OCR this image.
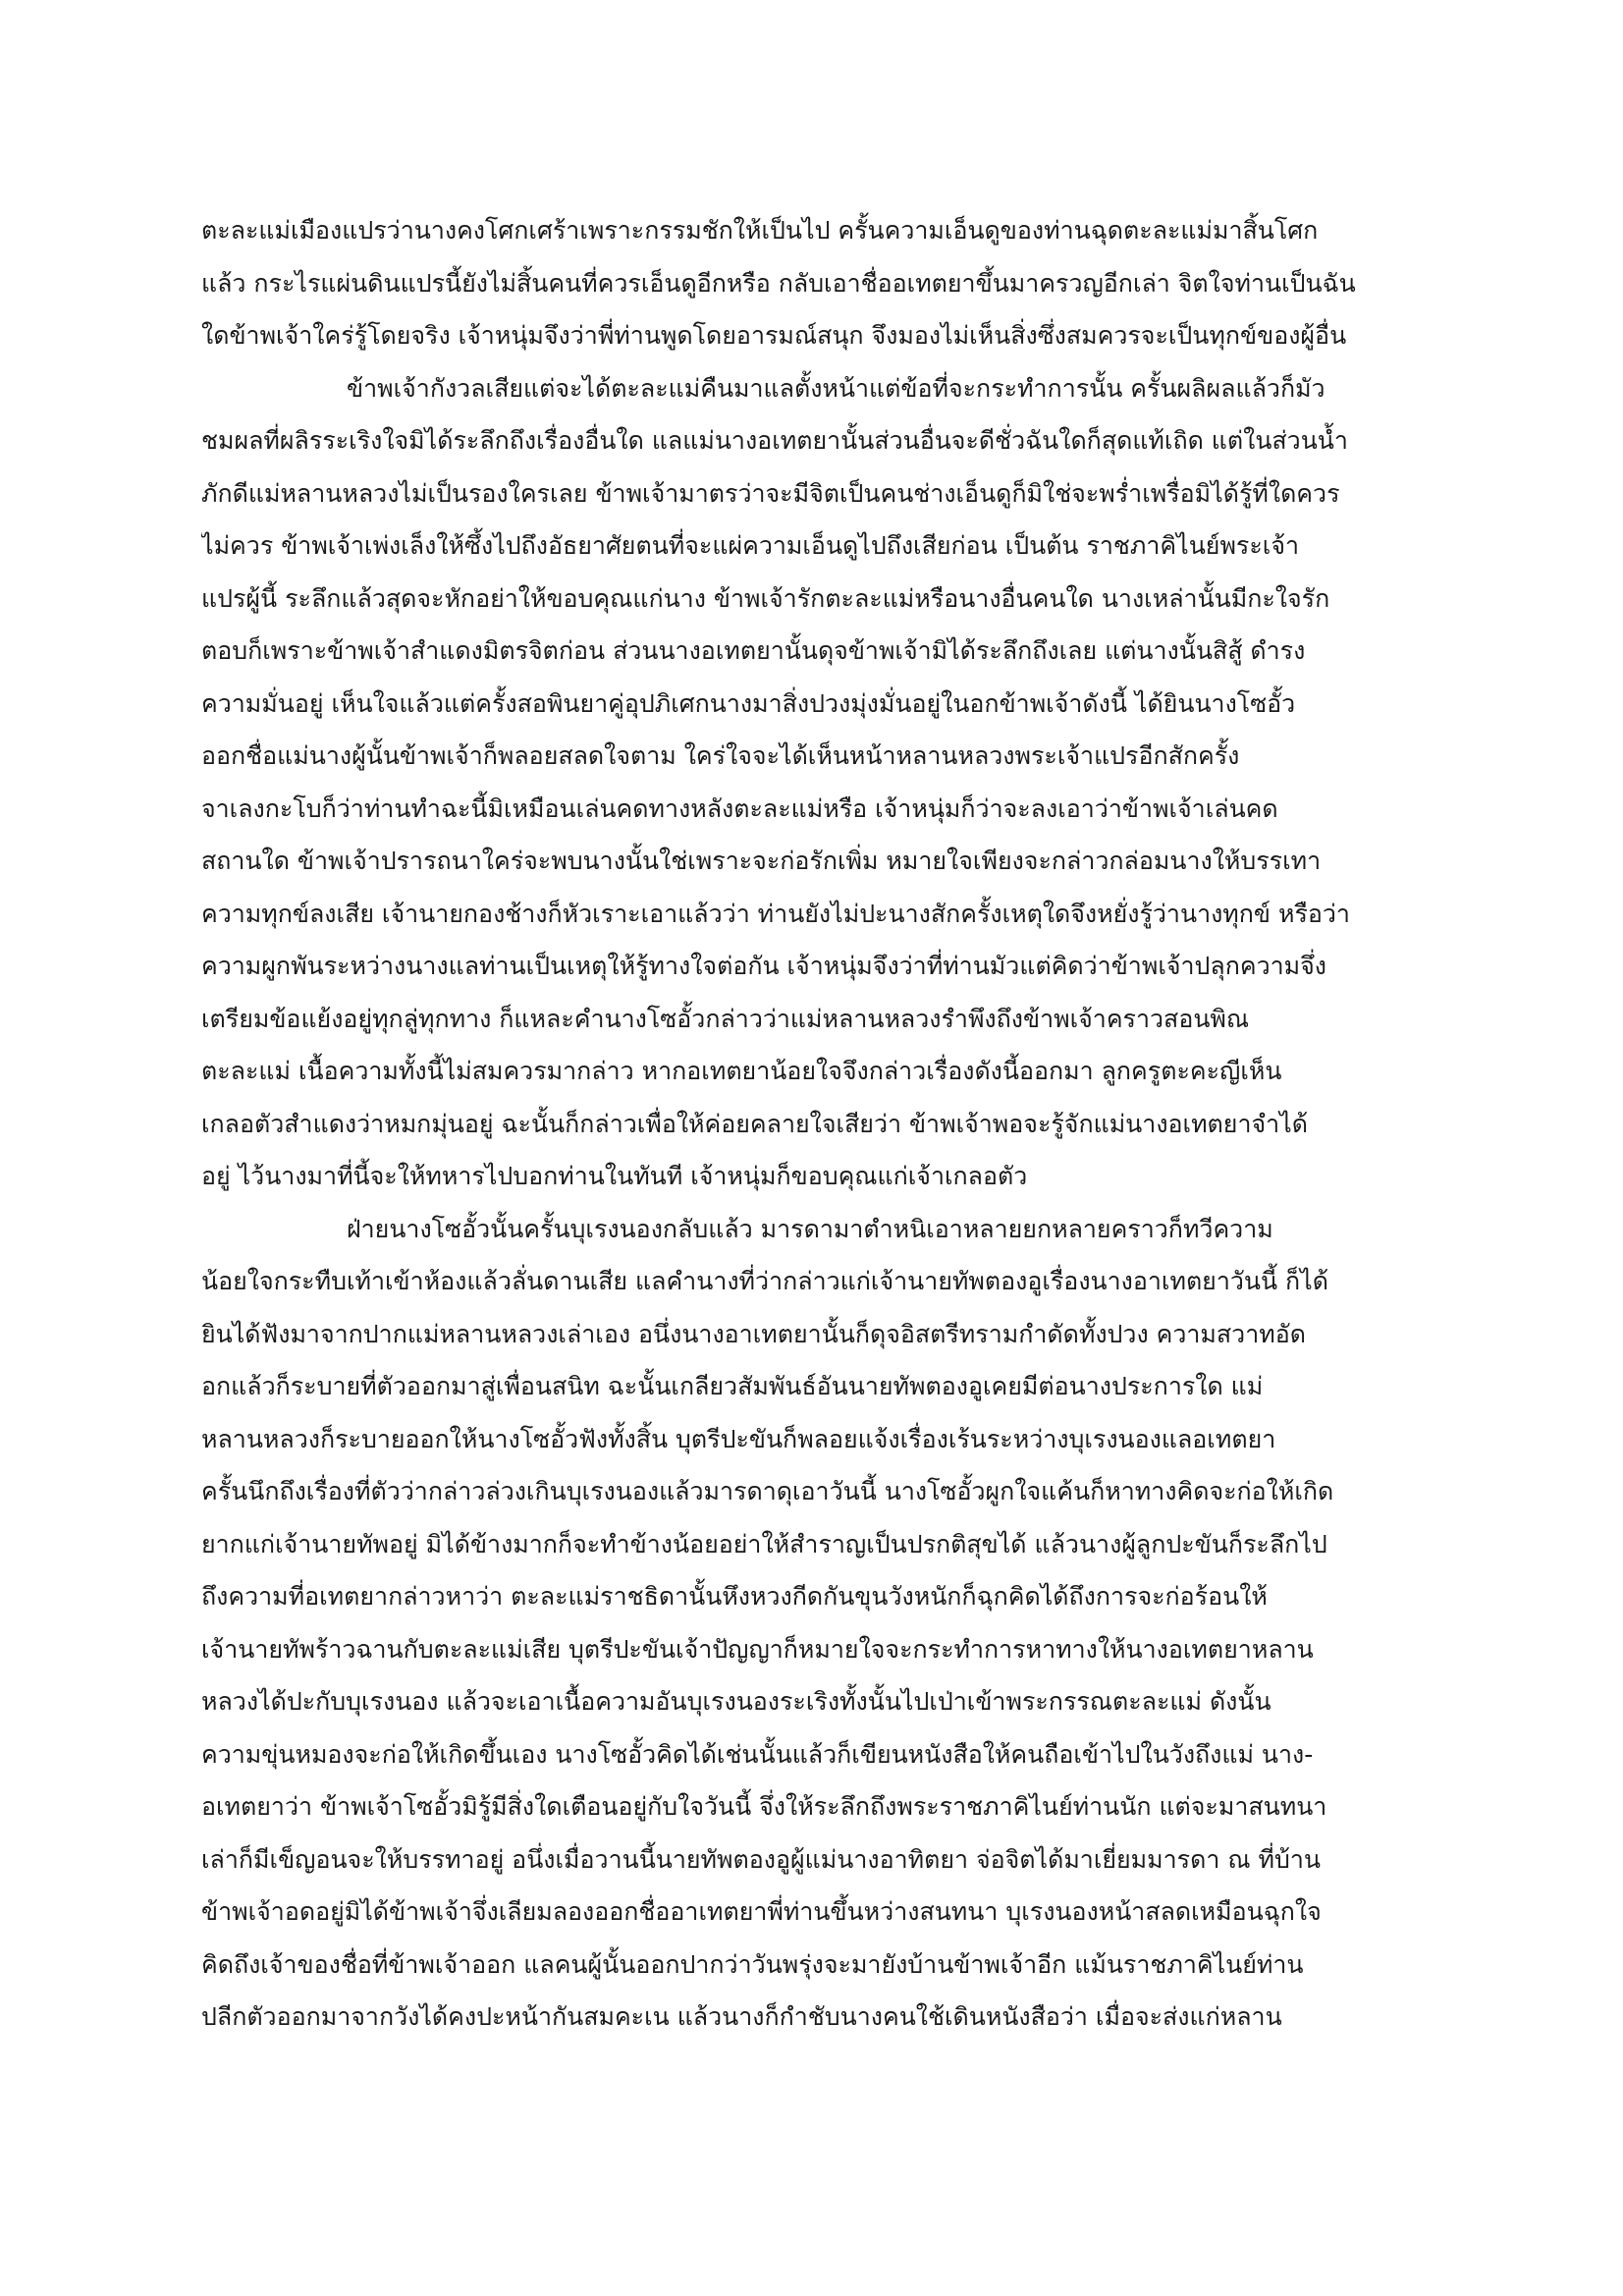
ตะละแม่เมืองแปรว่านางคงโศกเศร้าเพราะกรรมชักให้เป็นไป ครั้นความเอ็นดูของท่านฉุดตะละแม่มาสิ้นโศก
แล้ว กระไรแผ่นดินแปรนี้ยังไม่สิ้นคนที่ควรเอ็นดูอีกหรือ กลับเอาชื่ออเทตยาขึ้นมาครวญอีกเล่า จิตใจท่านเป็นฉัน
ใดข้าพเจ้าใคร่รู้โดยจริง เจ้าหนุ่มจึงว่าพี่ท่านพูดโดยอารมณ์สนุก จึงมองไม่เห็นสิ่งซึ่งสมควรจะเป็นทุกข์ของผู้อื่น
ข้าพเจ้ากังวลเสียแต่จะได้ตะละแม่คืนมาแลตั้งหน้าแต่ข้อที่จะกระทำการนั้น ครั้นผลิผลแล้วก็มัว
ชมผลที่ผลิรระเริงใจมิได้ระลึกถึงเรื่องอื่นใด แลแม่นางอเทตยานั้นส่วนอื่นจะดีชั่วฉันใดก็สุดแท้เถิด แต่ในส่วนน้ำ
ภักดีแม่หลานหลวงไม่เป็นรองใครเลย ข้าพเจ้ามาตรว่าจะมีจิตเป็นคนช่างเอ็นดูก็มิใช่จะพร่ำเพรื่อมิได้รู้ที่ใดควร
ไม่ควร ข้าพเจ้าเพ่งเล็งให้ซึ้งไปถึงอัธยาศัยตนที่จะแผ่ความเอ็นดูไปถึงเสียก่อน เป็นต้น ราชภาคิไนย์พระเจ้า
แปรผู้นี้ ระลึกแล้วสุดจะหักอย่าให้ขอบคุณแก่นาง ข้าพเจ้ารักตะละแม่หรือนางอื่นคนใด นางเหล่านั้นมีกะใจรัก
ตอบก็เพราะข้าพเจ้าสำแดงมิตรจิตก่อน ส่วนนางอเทตยานั้นดุจข้าพเจ้ามิได้ระลึกถึงเลย แต่นางนั้นสิสู้ ดำรง
ความมั่นอยู่ เห็นใจแล้วแต่ครั้งสอพินยาคู่อุปภิเศกนางมาสิ่งปวงมุ่งมั่นอยู่ในอกข้าพเจ้าดังนี้ ได้ยินนางโซอั้ว
ออกชื่อแม่นางผู้นั้นข้าพเจ้าก็พลอยสลดใจตาม ใคร่ใจจะได้เห็นหน้าหลานหลวงพระเจ้าแปรอีกสักครั้ง
จาเลงกะโบก็ว่าท่านทำฉะนี้มิเหมือนเล่นคดทางหลังตะละแม่หรือ เจ้าหนุ่มก็ว่าจะลงเอาว่าข้าพเจ้าเล่นคด
สถานใด ข้าพเจ้าปรารถนาใคร่จะพบนางนั้นใช่เพราะจะก่อรักเพิ่ม หมายใจเพียงจะกล่าวกล่อมนางให้บรรเทา
ความทุกข์ลงเสีย เจ้านายกองช้างก็หัวเราะเอาแล้วว่า ท่านยังไม่ปะนางสักครั้งเหตุใดจึงหยั่งรู้ว่านางทุกข์ หรือว่า
ความผูกพันระหว่างนางแลท่านเป็นเหตุให้รู้ทางใจต่อกัน เจ้าหนุ่มจึงว่าที่ท่านมัวแต่คิดว่าข้าพเจ้าปลุกความจึ่ง
เตรียมข้อแย้งอยู่ทุกลู่ทุกทาง ก็แหละคำนางโซอั้วกล่าวว่าแม่หลานหลวงรำพึงถึงข้าพเจ้าคราวสอนพิณ
ตะละแม่ เนื้อความทั้งนี้ไม่สมควรมากล่าว หากอเทตยาน้อยใจจึงกล่าวเรื่องดังนี้ออกมา ลูกครูตะคะญีเห็น
เกลอตัวสำแดงว่าหมกมุ่นอยู่ ฉะนั้นก็กล่าวเพื่อให้ค่อยคลายใจเสียว่า ข้าพเจ้าพอจะรู้จักแม่นางอเทตยาจำได้
อยู่ ไว้นางมาที่นี้จะให้ทหารไปบอกท่านในทันที เจ้าหนุ่มก็ขอบคุณแก่เจ้าเกลอตัว
ฝ่ายนางโซอั้วนั้นครั้นบุเรงนองกลับแล้ว มารดามาตำหนิเอาหลายยกหลายคราวก็ทวีความ
น้อยใจกระทืบเท้าเข้าห้องแล้วลั่นดานเสีย แลคำนางที่ว่ากล่าวแก่เจ้านายทัพตองอูเรื่องนางอาเทตยาวันนี้ ก็ได้
ยินได้ฟังมาจากปากแม่หลานหลวงเล่าเอง อนึ่งนางอาเทตยานั้นก็ดุจอิสตรีทรามกำดัดทั้งปวง ความสวาทอัด
อกแล้วก็ระบายที่ตัวออกมาสู่เพื่อนสนิท ฉะนั้นเกลียวสัมพันธ์อันนายทัพตองอูเคยมีต่อนางประการใด แม่
หลานหลวงก็ระบายออกให้นางโซอั้วฟังทั้งสิ้น บุตรีปะขันก็พลอยแจ้งเรื่องเร้นระหว่างบุเรงนองแลอเทตยา
ครั้นนึกถึงเรื่องที่ตัวว่ากล่าวล่วงเกินบุเรงนองแล้วมารดาดุเอาวันนี้ นางโซอั้วผูกใจแค้นก็หาทางคิดจะก่อให้เกิด
ยากแก่เจ้านายทัพอยู่ มิได้ข้างมากก็จะทำข้างน้อยอย่าให้สำราญเป็นปรกติสุขได้ แล้วนางผู้ลูกปะขันก็ระลึกไป
ถึงความที่อเทตยากล่าวหาว่า ตะละแม่ราชธิดานั้นหึงหวงกีดกันขุนวังหนักก็ฉุกคิดได้ถึงการจะก่อร้อนให้
เจ้านายทัพร้าวฉานกับตะละแม่เสีย บุตรีปะขันเจ้าปัญญาก็หมายใจจะกระทำการหาทางให้นางอเทตยาหลาน
หลวงได้ปะกับบุเรงนอง แล้วจะเอาเนื้อความอันบุเรงนองระเริงทั้งนั้นไปเป่าเข้าพระกรรณตะละแม่ ดังนั้น
ความขุ่นหมองจะก่อให้เกิดขึ้นเอง นางโซอั้วคิดได้เช่นนั้นแล้วก็เขียนหนังสือให้คนถือเข้าไปในวังถึงแม่ นาง-
อเทตยาว่า ข้าพเจ้าโซอั้วมิรู้มีสิ่งใดเตือนอยู่กับใจวันนี้ จึ่งให้ระลึกถึงพระราชภาคิไนย์ท่านนัก แต่จะมาสนทนา
เล่าก็มีเข็ญอนจะให้บรรทาอยู่ อนึ่งเมื่อวานนี้นายทัพตองอูผู้แม่นางอาทิตยา จ่อจิตได้มาเยี่ยมมารดา ณ ที่บ้าน
ข้าพเจ้าอดอยู่มิได้ข้าพเจ้าจึ่งเลียมลองออกชื่ออาเทตยาพี่ท่านขึ้นหว่างสนทนา บุเรงนองหน้าสลดเหมือนฉุกใจ
คิดถึงเจ้าของชื่อที่ข้าพเจ้าออก แลคนผู้นั้นออกปากว่าวันพรุ่งจะมายังบ้านข้าพเจ้าอีก แม้นราชภาคิไนย์ท่าน
ปลีกตัวออกมาจากวังได้คงปะหน้ากันสมคะเน แล้วนางก็กำชับนางคนใช้เดินหนังสือว่า เมื่อจะส่งแก่หลาน
